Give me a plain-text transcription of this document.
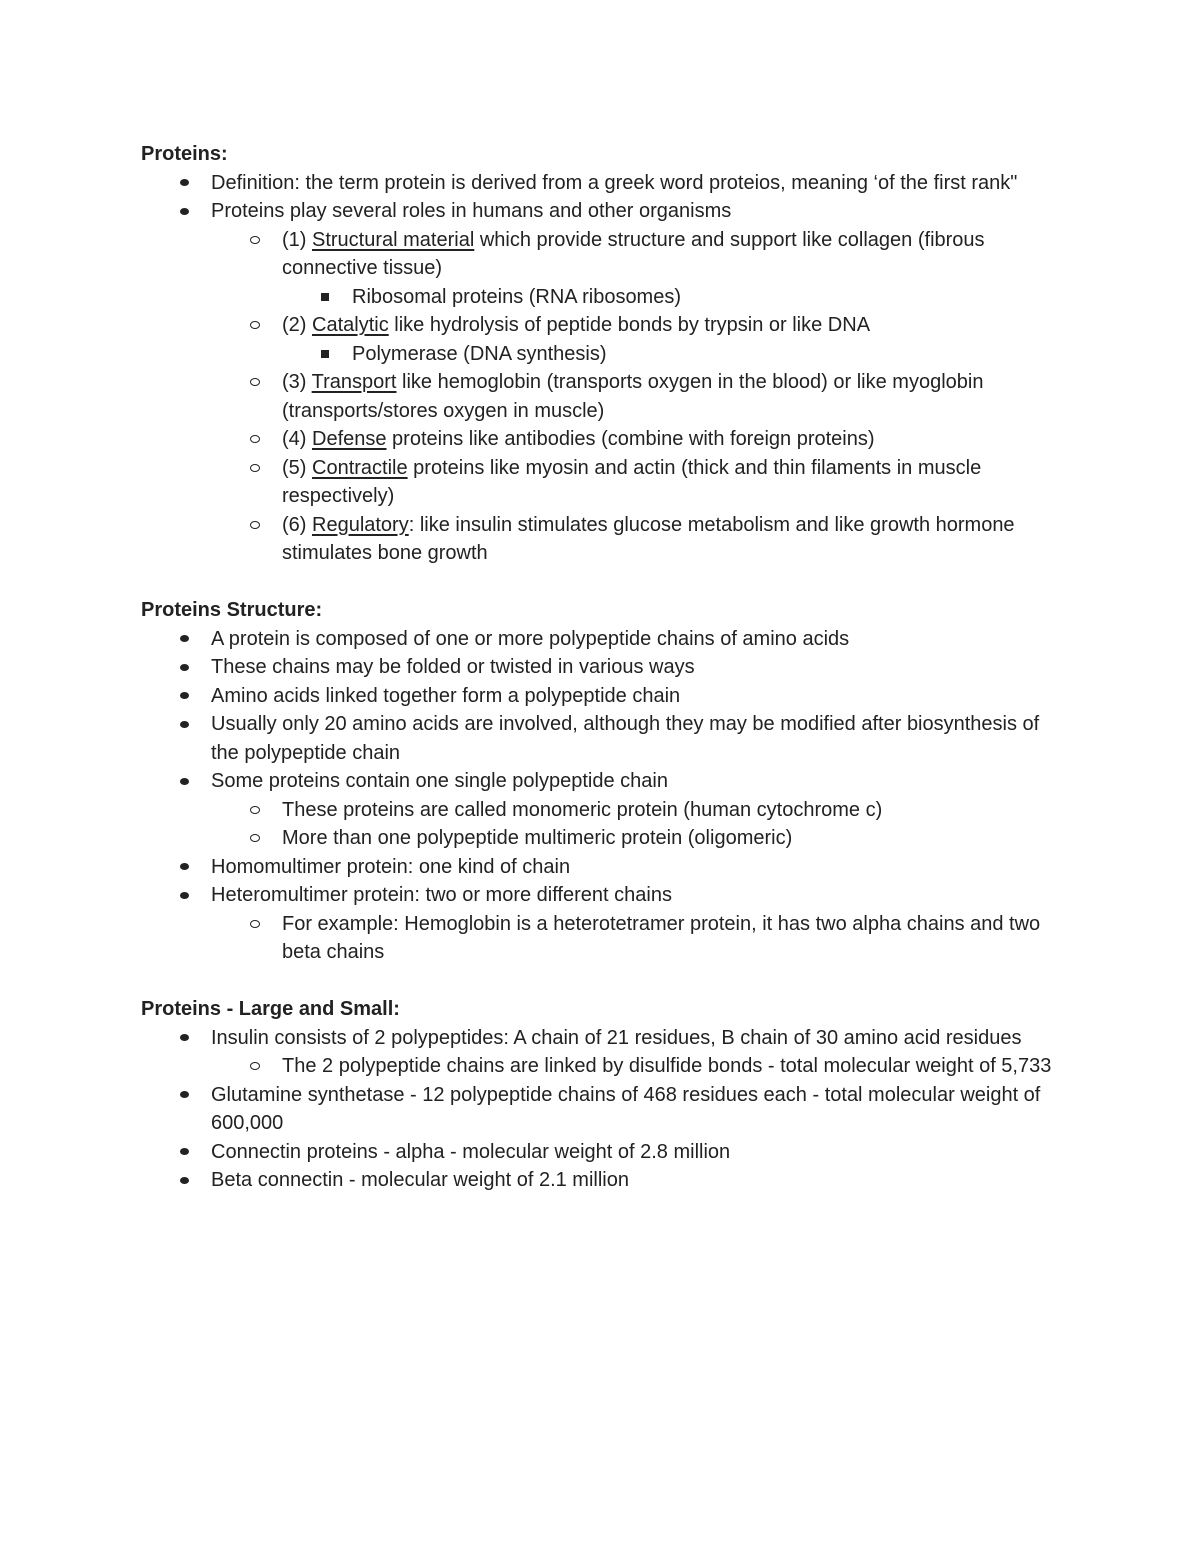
Proteins:
Definition: the term protein is derived from a greek word proteios, meaning ‘of the first rank"
Proteins play several roles in humans and other organisms
(1) Structural material which provide structure and support like collagen (fibrous connective tissue)
Ribosomal proteins (RNA ribosomes)
(2) Catalytic like hydrolysis of peptide bonds by trypsin or like DNA
Polymerase (DNA synthesis)
(3) Transport like hemoglobin (transports oxygen in the blood) or like myoglobin (transports/stores oxygen in muscle)
(4) Defense proteins like antibodies (combine with foreign proteins)
(5) Contractile proteins like myosin and actin (thick and thin filaments in muscle respectively)
(6) Regulatory: like insulin stimulates glucose metabolism and like growth hormone stimulates bone growth
Proteins Structure:
A protein is composed of one or more polypeptide chains of amino acids
These chains may be folded or twisted in various ways
Amino acids linked together form a polypeptide chain
Usually only 20 amino acids are involved, although they may be modified after biosynthesis of the polypeptide chain
Some proteins contain one single polypeptide chain
These proteins are called monomeric protein (human cytochrome c)
More than one polypeptide multimeric protein (oligomeric)
Homomultimer protein: one kind of chain
Heteromultimer protein: two or more different chains
For example: Hemoglobin is a heterotetramer protein, it has two alpha chains and two beta chains
Proteins - Large and Small:
Insulin consists of 2 polypeptides: A chain of 21 residues, B chain of 30 amino acid residues
The 2 polypeptide chains are linked by disulfide bonds - total molecular weight of 5,733
Glutamine synthetase - 12 polypeptide chains of 468 residues each - total molecular weight of 600,000
Connectin proteins - alpha - molecular weight of 2.8 million
Beta connectin - molecular weight of 2.1 million
